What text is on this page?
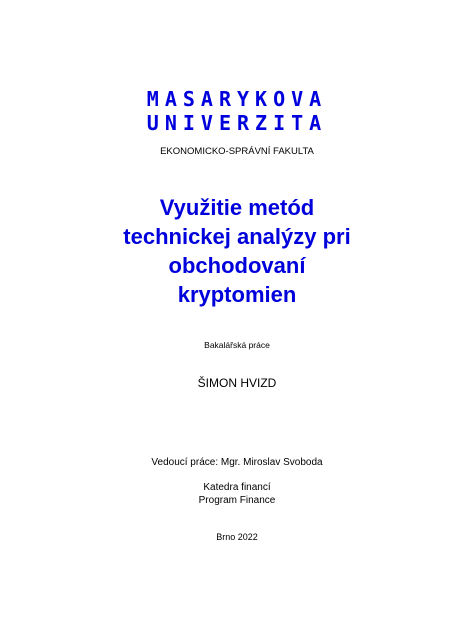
MASARYKOVA
UNIVERZITA
EKONOMICKO-SPRÁVNÍ FAKULTA
Využitie metód
technickej analýzy pri
obchodovaní
kryptomien
Bakalářská práce
ŠIMON HVIZD
Vedoucí práce: Mgr. Miroslav Svoboda
Katedra financí
Program Finance
Brno 2022
